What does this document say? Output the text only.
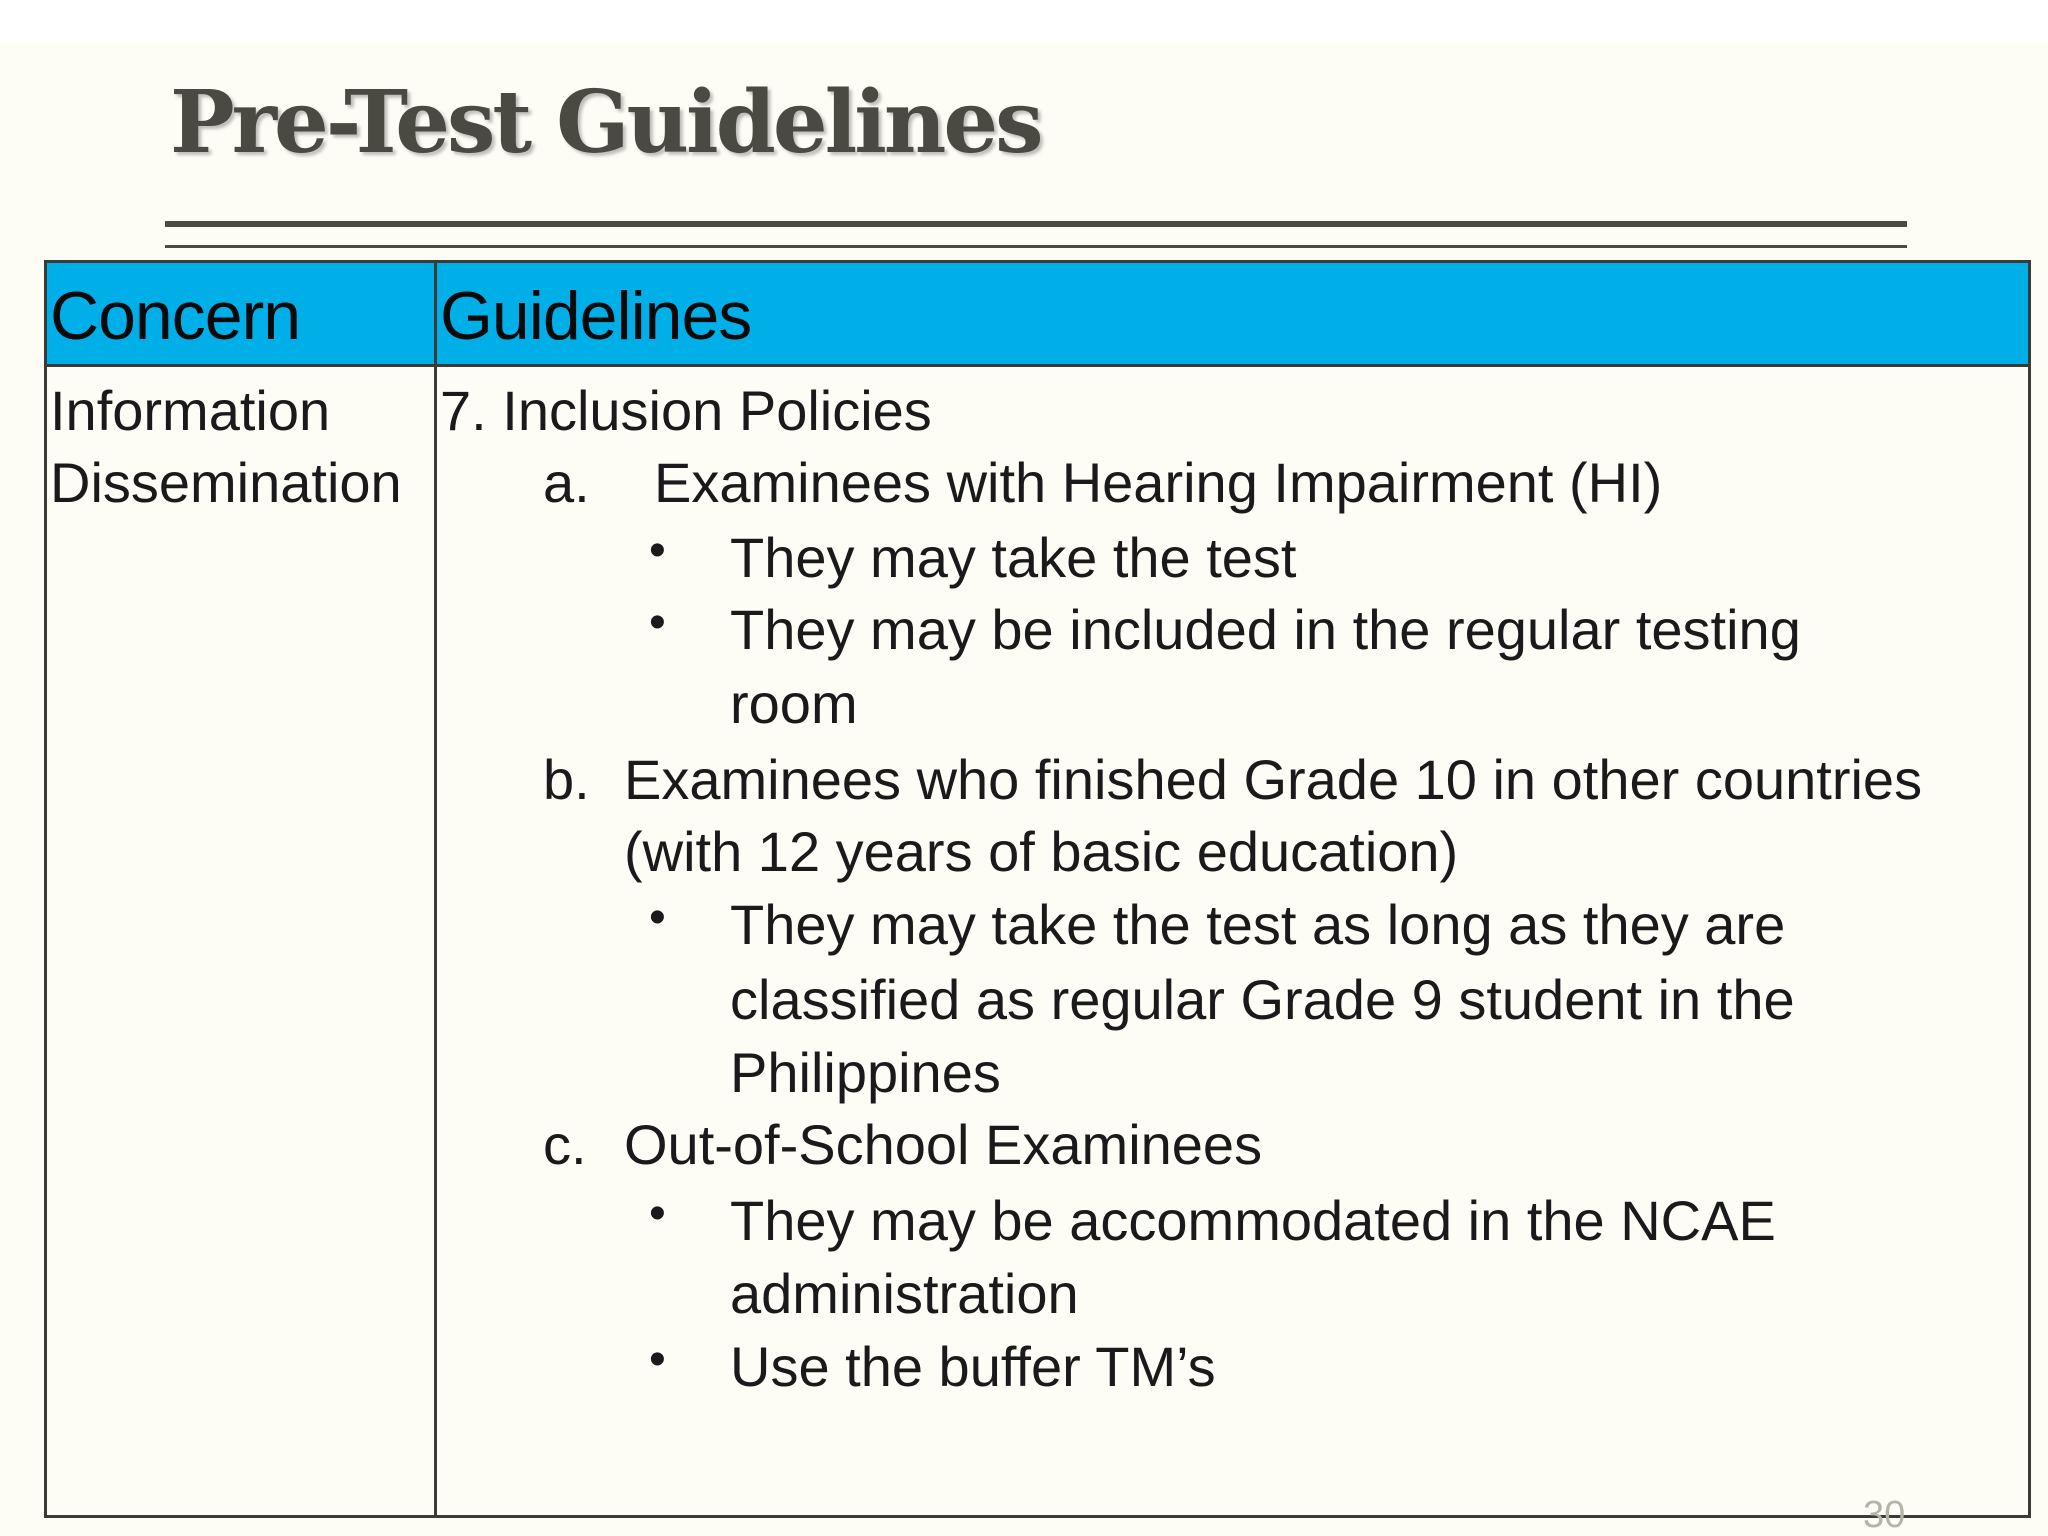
Pre-Test Guidelines
Concern Guidelines
Information
Dissemination
7. Inclusion Policies
a. Examinees with Hearing Impairment (HI)
• They may take the test
• They may be included in the regular testing
room
b. Examinees who finished Grade 10 in other countries
(with 12 years of basic education)
• They may take the test as long as they are
classified as regular Grade 9 student in the
Philippines
c. Out-of-School Examinees
• They may be accommodated in the NCAE
administration
• Use the buffer TM’s
30
